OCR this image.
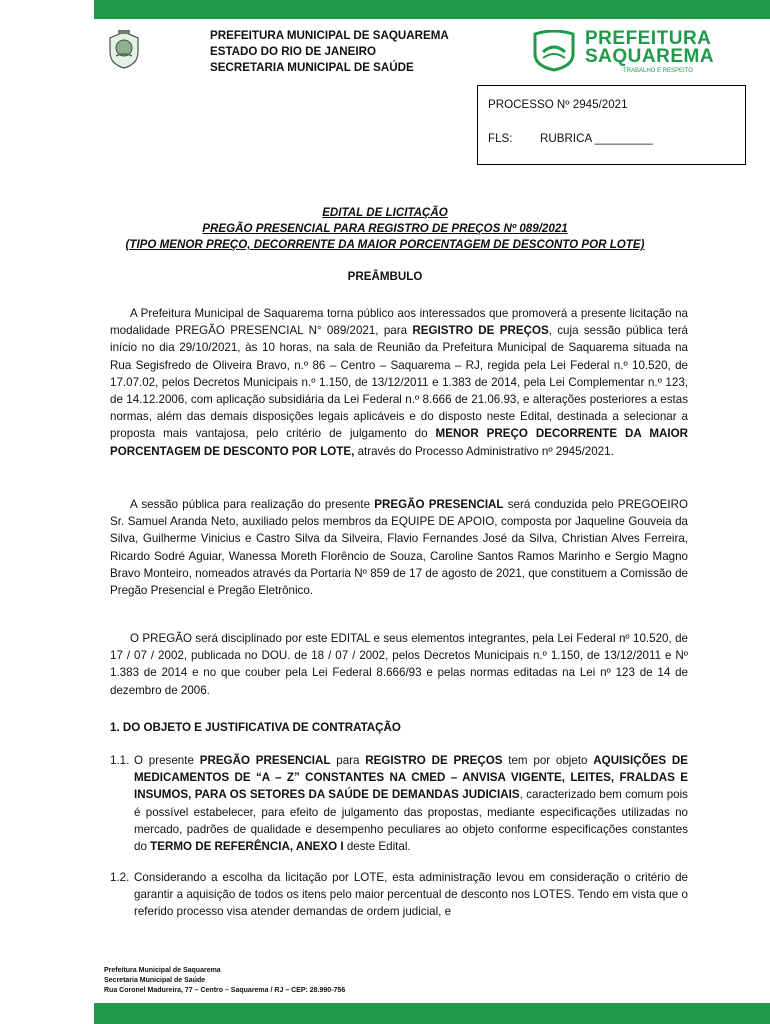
PREFEITURA MUNICIPAL DE SAQUAREMA
ESTADO DO RIO DE JANEIRO
SECRETARIA MUNICIPAL DE SAÚDE
PREFEITURA
SAQUAREMA
TRABALHO E RESPEITO
PROCESSO Nº 2945/2021
FLS: RUBRICA _________
EDITAL DE LICITAÇÃO
PREGÃO PRESENCIAL PARA REGISTRO DE PREÇOS Nº 089/2021
(TIPO MENOR PREÇO, DECORRENTE DA MAIOR PORCENTAGEM DE DESCONTO POR LOTE)
PREÂMBULO

A Prefeitura Municipal de Saquarema torna público aos interessados que promoverá a presente licitação na modalidade PREGÃO PRESENCIAL N° 089/2021, para REGISTRO DE PREÇOS, cuja sessão pública terá início no dia 29/10/2021, às 10 horas, na sala de Reunião da Prefeitura Municipal de Saquarema situada na Rua Segisfredo de Oliveira Bravo, n.º 86 – Centro – Saquarema – RJ, regida pela Lei Federal n.º 10.520, de 17.07.02, pelos Decretos Municipais n.º 1.150, de 13/12/2011 e 1.383 de 2014, pela Lei Complementar n.º 123, de 14.12.2006, com aplicação subsidiária da Lei Federal n.º 8.666 de 21.06.93, e alterações posteriores a estas normas, além das demais disposições legais aplicáveis e do disposto neste Edital, destinada a selecionar a proposta mais vantajosa, pelo critério de julgamento do MENOR PREÇO DECORRENTE DA MAIOR PORCENTAGEM DE DESCONTO POR LOTE, através do Processo Administrativo nº 2945/2021.

A sessão pública para realização do presente PREGÃO PRESENCIAL será conduzida pelo PREGOEIRO Sr. Samuel Aranda Neto, auxiliado pelos membros da EQUIPE DE APOIO, composta por Jaqueline Gouveia da Silva, Guilherme Vinicius e Castro Silva da Silveira, Flavio Fernandes José da Silva, Christian Alves Ferreira, Ricardo Sodré Aguiar, Wanessa Moreth Florêncio de Souza, Caroline Santos Ramos Marinho e Sergio Magno Bravo Monteiro, nomeados através da Portaria Nº 859 de 17 de agosto de 2021, que constituem a Comissão de Pregão Presencial e Pregão Eletrônico.

O PREGÃO será disciplinado por este EDITAL e seus elementos integrantes, pela Lei Federal nº 10.520, de 17 / 07 / 2002, publicada no DOU. de 18 / 07 / 2002, pelos Decretos Municipais n.º 1.150, de 13/12/2011 e Nº 1.383 de 2014 e no que couber pela Lei Federal 8.666/93 e pelas normas editadas na Lei nº 123 de 14 de dezembro de 2006.

1. DO OBJETO E JUSTIFICATIVA DE CONTRATAÇÃO
1.1. O presente PREGÃO PRESENCIAL para REGISTRO DE PREÇOS tem por objeto AQUISIÇÕES DE MEDICAMENTOS DE “A – Z” CONSTANTES NA CMED – ANVISA VIGENTE, LEITES, FRALDAS E INSUMOS, PARA OS SETORES DA SAÚDE DE DEMANDAS JUDICIAIS, caracterizado bem comum pois é possível estabelecer, para efeito de julgamento das propostas, mediante especificações utilizadas no mercado, padrões de qualidade e desempenho peculiares ao objeto conforme especificações constantes do TERMO DE REFERÊNCIA, ANEXO I deste Edital.
1.2. Considerando a escolha da licitação por LOTE, esta administração levou em consideração o critério de garantir a aquisição de todos os itens pelo maior percentual de desconto nos LOTES. Tendo em vista que o referido processo visa atender demandas de ordem judicial, e
Prefeitura Municipal de Saquarema
Secretaria Municipal de Saúde
Rua Coronel Madureira, 77 – Centro – Saquarema / RJ – CEP: 28.990-756
